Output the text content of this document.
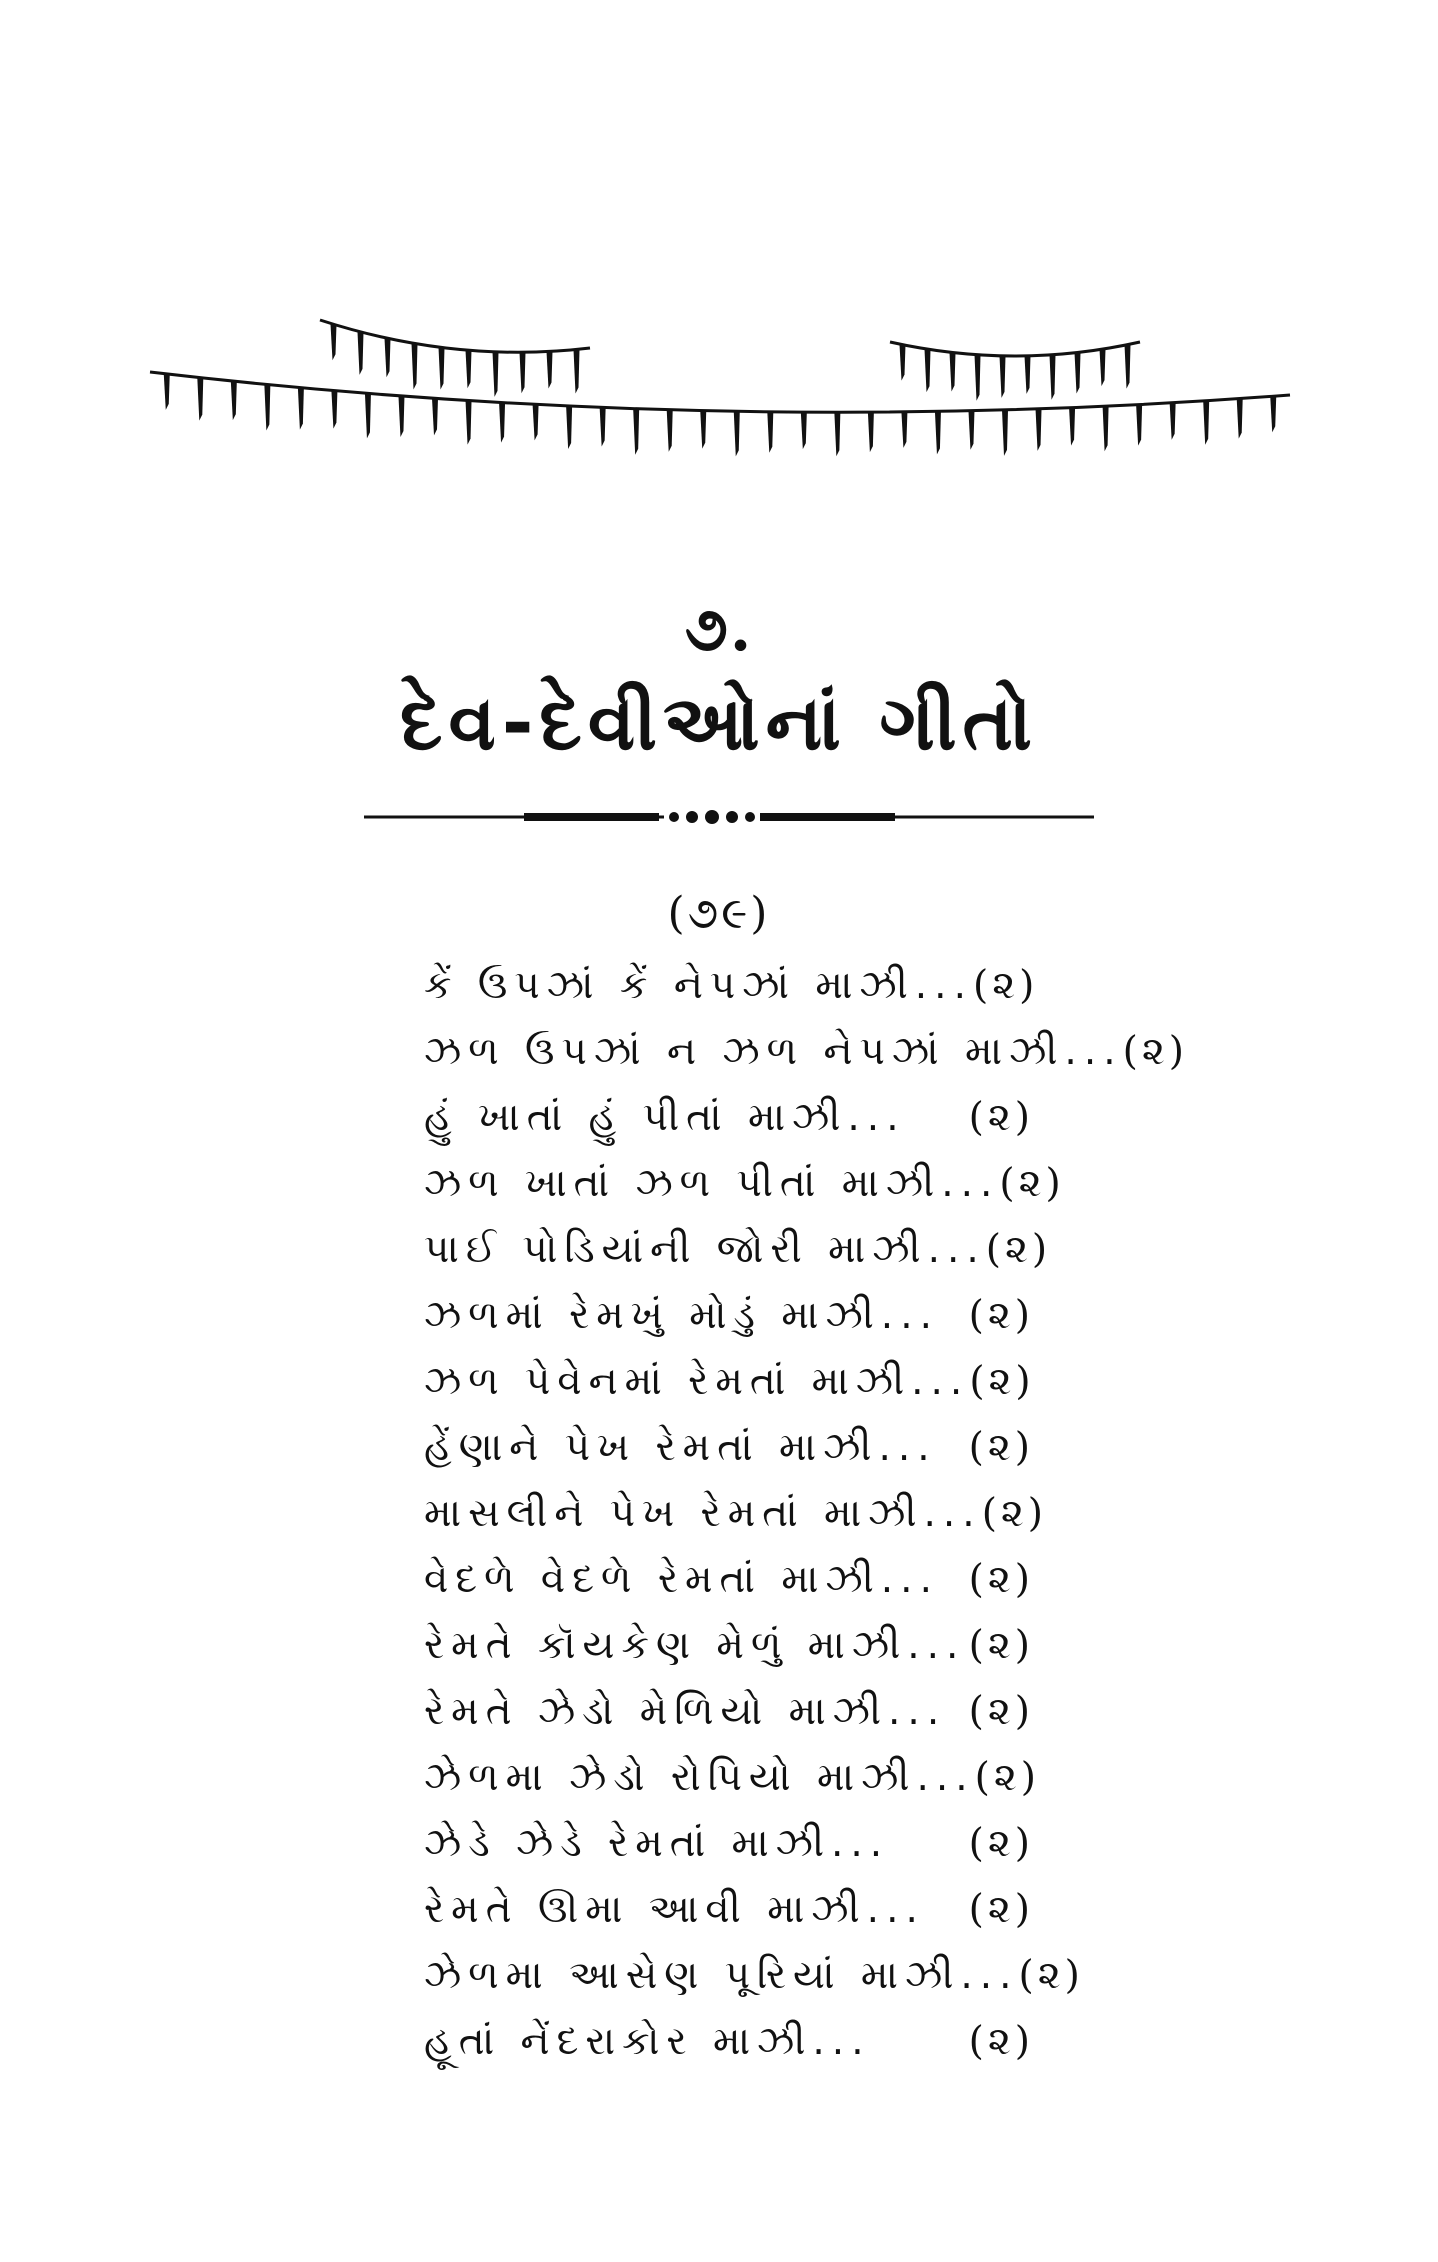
૭.
દેવ-દેવીઓનાં ગીતો
(૭૯)
કેં ઉપઝાં કેં નેપઝાં માઝી... (૨)
ઝળ ઉપઝાં ન ઝળ નેપઝાં માઝી... (૨)
હું ખાતાં હું પીતાં માઝી... (૨)
ઝળ ખાતાં ઝળ પીતાં માઝી... (૨)
પાઈ પોડિયાંની જોરી માઝી... (૨)
ઝળમાં રેમખું મોડું માઝી... (૨)
ઝળ પેવેનમાં રેમતાં માઝી... (૨)
હેંણાને પેખ રેમતાં માઝી... (૨)
માસલીને પેખ રેમતાં માઝી... (૨)
વેદળે વેદળે રેમતાં માઝી... (૨)
રેમતે કૉયકેણ મેળું માઝી... (૨)
રેમતે ઝેડો મેળિયો માઝી... (૨)
ઝેળમા ઝેડો રોપિયો માઝી... (૨)
ઝેડે ઝેડે રેમતાં માઝી... (૨)
રેમતે ઊમા આવી માઝી... (૨)
ઝેળમા આસેણ પૂરિયાં માઝી... (૨)
હૂતાં નેંદરાકોર માઝી...	(૨)
